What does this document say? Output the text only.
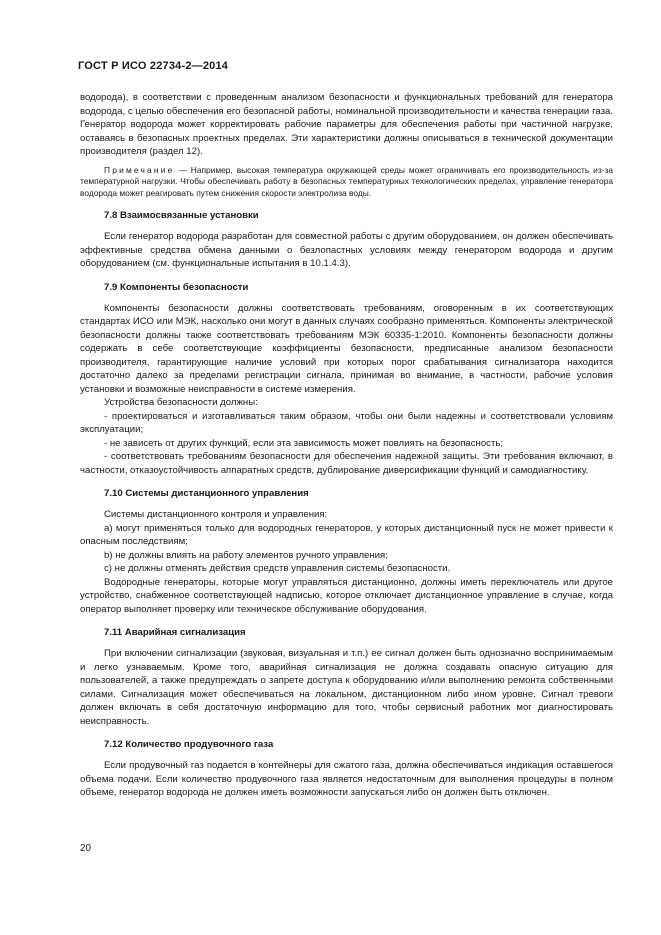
ГОСТ Р ИСО 22734-2—2014

водорода), в соответствии с проведенным анализом безопасности и функциональных требований для генератора водорода, с целью обеспечения его безопасной работы, номинальной производительности и качества генерации газа. Генератор водорода может корректировать рабочие параметры для обеспечения работы при частичной нагрузке, оставаясь в безопасных проектных пределах. Эти характеристики должны описываться в технической документации производителя (раздел 12).

Примечание — Например, высокая температура окружающей среды может ограничивать его производительность из-за температурной нагрузки. Чтобы обеспечивать работу в безопасных температурных технологических пределах, управление генератора водорода может реагировать путем снижения скорости электролиза воды.

7.8 Взаимосвязанные установки

Если генератор водорода разработан для совместной работы с другим оборудованием, он должен обеспечивать эффективные средства обмена данными о безлопастных условиях между генератором водорода и другим оборудованием (cм. функциональные испытания в 10.1.4.3).

7.9 Компоненты безопасности

Компоненты безопасности должны соответствовать требованиям, оговоренным в их соответствующих стандартах ИСО или МЭК, насколько они могут в данных случаях сообразно применяться. Компоненты электрической безопасности должны также соответствовать требованиям МЭК 60335-1:2010. Компоненты безопасности должны содержать в себе соответствующие коэффициенты безопасности, предписанные анализом безопасности производителя, гарантирующие наличие условий при которых порог срабатывания сигнализатора находится достаточно далеко за пределами регистрации сигнала, принимая во внимание, в частности, рабочие условия установки и возможные неисправности в системе измерения.

Устройства безопасности должны:

- проектироваться и изготавливаться таким образом, чтобы они были надежны и соответствовали условиям эксплуатации;

- не зависеть от других функций, если эта зависимость может повлиять на безопасность;

- соответствовать требованиям безопасности для обеспечения надежной защиты. Эти требования включают, в частности, отказоустойчивость аппаратных средств, дублирование диверсификации функций и самодиагностику.

7.10 Системы дистанционного управления

Системы дистанционного контроля и управления:

a) могут применяться только для водородных генераторов, у которых дистанционный пуск не может привести к опасным последствиям;

b) не должны влиять на работу элементов ручного управления;

c) не должны отменять действия средств управления системы безопасности.

Водородные генераторы, которые могут управляться дистанционно, должны иметь переключатель или другое устройство, снабженное соответствующей надписью, которое отключает дистанционное управление в случае, когда оператор выполняет проверку или техническое обслуживание оборудования.

7.11 Аварийная сигнализация

При включении сигнализации (звуковая, визуальная и т.п.) ее сигнал должен быть однозначно воспринимаемым и легко узнаваемым. Кроме того, аварийная сигнализация не должна создавать опасную ситуацию для пользователей, а также предупреждать о запрете доступа к оборудованию и/или выполнению ремонта собственными силами. Сигнализация может обеспечиваться на локальном, дистанционном либо ином уровне. Сигнал тревоги должен включать в себя достаточную информацию для того, чтобы сервисный работник мог диагностировать неисправность.

7.12 Количество продувочного газа

Если продувочный газ подается в контейнеры для сжатого газа, должна обеспечиваться индикация оставшегося объема подачи. Если количество продувочного газа является недостаточным для выполнения процедуры в полном объеме, генератор водорода не должен иметь возможности запускаться либо он должен быть отключен.

20
